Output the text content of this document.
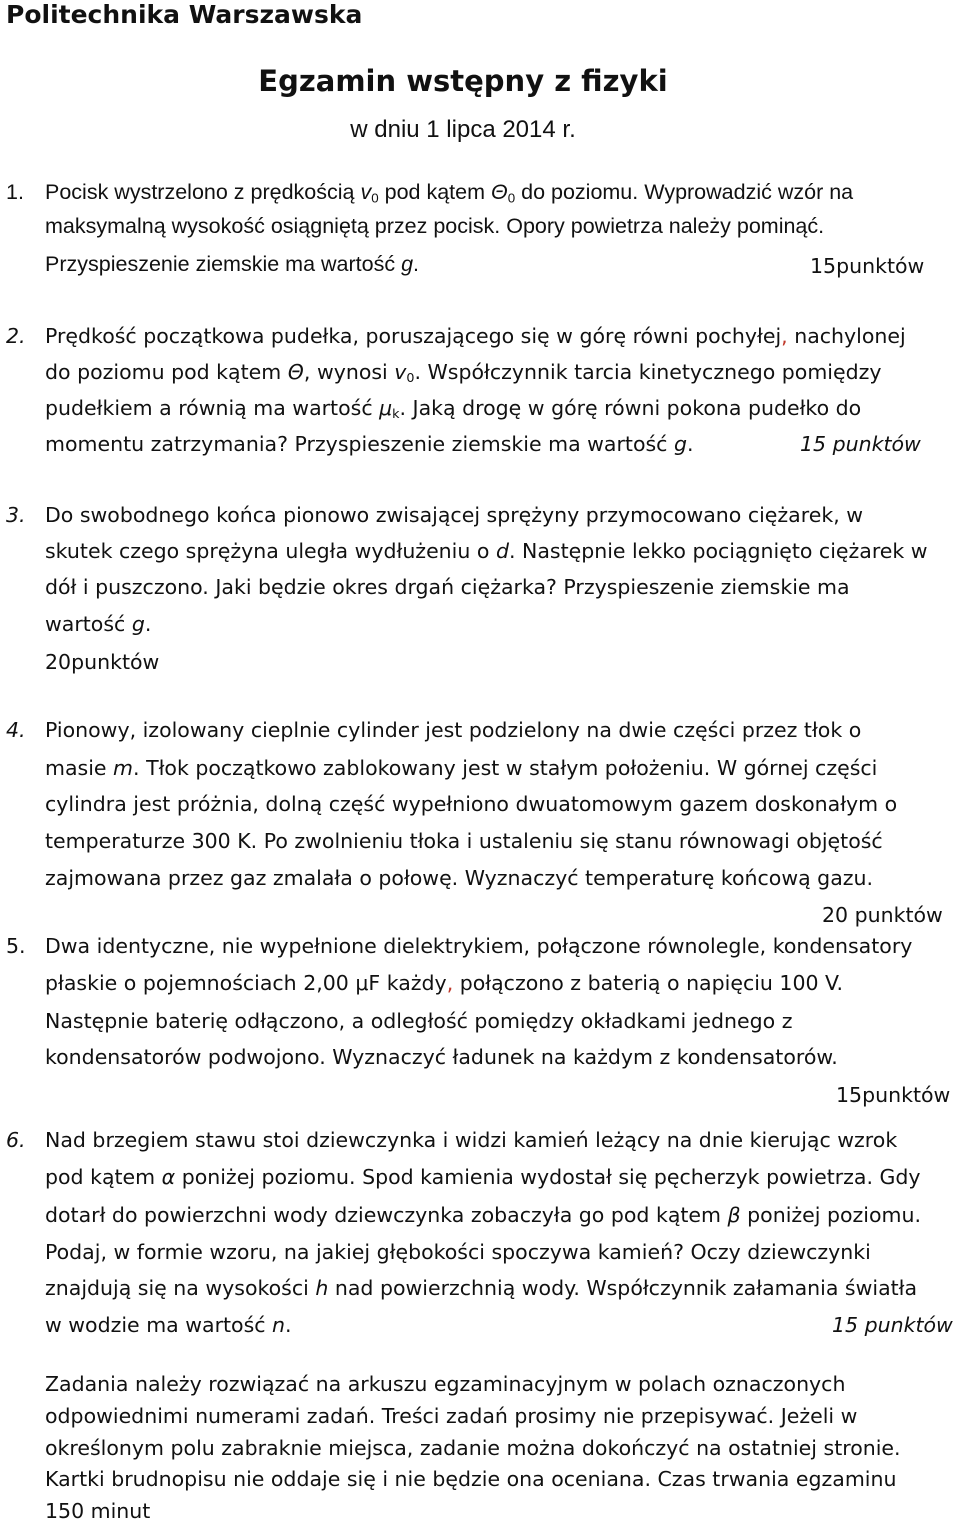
Politechnika Warszawska
Egzamin wstępny z fizyki
w dniu 1 lipca 2014 r.
1. Pocisk wystrzelono z prędkością $v_0$ pod kątem $\Theta_0$ do poziomu. Wyprowadzić wzór na
maksymalną wysokość osiągniętą przez pocisk. Opory powietrza należy pominąć.
Przyspieszenie ziemskie ma wartość g.	15punktów
2. Prędkość początkowa pudełka, poruszającego się w górę równi pochyłej, nachylonej
do poziomu pod kątem Θ, wynosi $v_0$. Współczynnik tarcia kinetycznego pomiędzy
pudełkiem a równią ma wartość $\mu_k$. Jaką drogę w górę równi pokona pudełko do
momentu zatrzymania? Przyspieszenie ziemskie ma wartość g.	15 punktów
3. Do swobodnego końca pionowo zwisającej sprężyny przymocowano ciężarek, w
skutek czego sprężyna uległa wydłużeniu o d. Następnie lekko pociągnięto ciężarek w
dół i puszczono. Jaki będzie okres drgań ciężarka? Przyspieszenie ziemskie ma
wartość g.
20punktów
4. Pionowy, izolowany cieplnie cylinder jest podzielony na dwie części przez tłok o
masie m. Tłok początkowo zablokowany jest w stałym położeniu. W górnej części
cylindra jest próżnia, dolną część wypełniono dwuatomowym gazem doskonałym o
temperaturze 300 K. Po zwolnieniu tłoka i ustaleniu się stanu równowagi objętość
zajmowana przez gaz zmalała o połowę. Wyznaczyć temperaturę końcową gazu.
20 punktów
5. Dwa identyczne, nie wypełnione dielektrykiem, połączone równolegle, kondensatory
płaskie o pojemnościach 2,00 μF każdy, połączono z baterią o napięciu 100 V.
Następnie baterię odłączono, a odległość pomiędzy okładkami jednego z
kondensatorów podwojono. Wyznaczyć ładunek na każdym z kondensatorów.
15punktów
6. Nad brzegiem stawu stoi dziewczynka i widzi kamień leżący na dnie kierując wzrok
pod kątem α poniżej poziomu. Spod kamienia wydostał się pęcherzyk powietrza. Gdy
dotarł do powierzchni wody dziewczynka zobaczyła go pod kątem β poniżej poziomu.
Podaj, w formie wzoru, na jakiej głębokości spoczywa kamień? Oczy dziewczynki
znajdują się na wysokości h nad powierzchnią wody. Współczynnik załamania światła
w wodzie ma wartość n.	15 punktów
Zadania należy rozwiązać na arkuszu egzaminacyjnym w polach oznaczonych
odpowiednimi numerami zadań. Treści zadań prosimy nie przepisywać. Jeżeli w
określonym polu zabraknie miejsca, zadanie można dokończyć na ostatniej stronie.
Kartki brudnopisu nie oddaje się i nie będzie ona oceniana. Czas trwania egzaminu
150 minut
